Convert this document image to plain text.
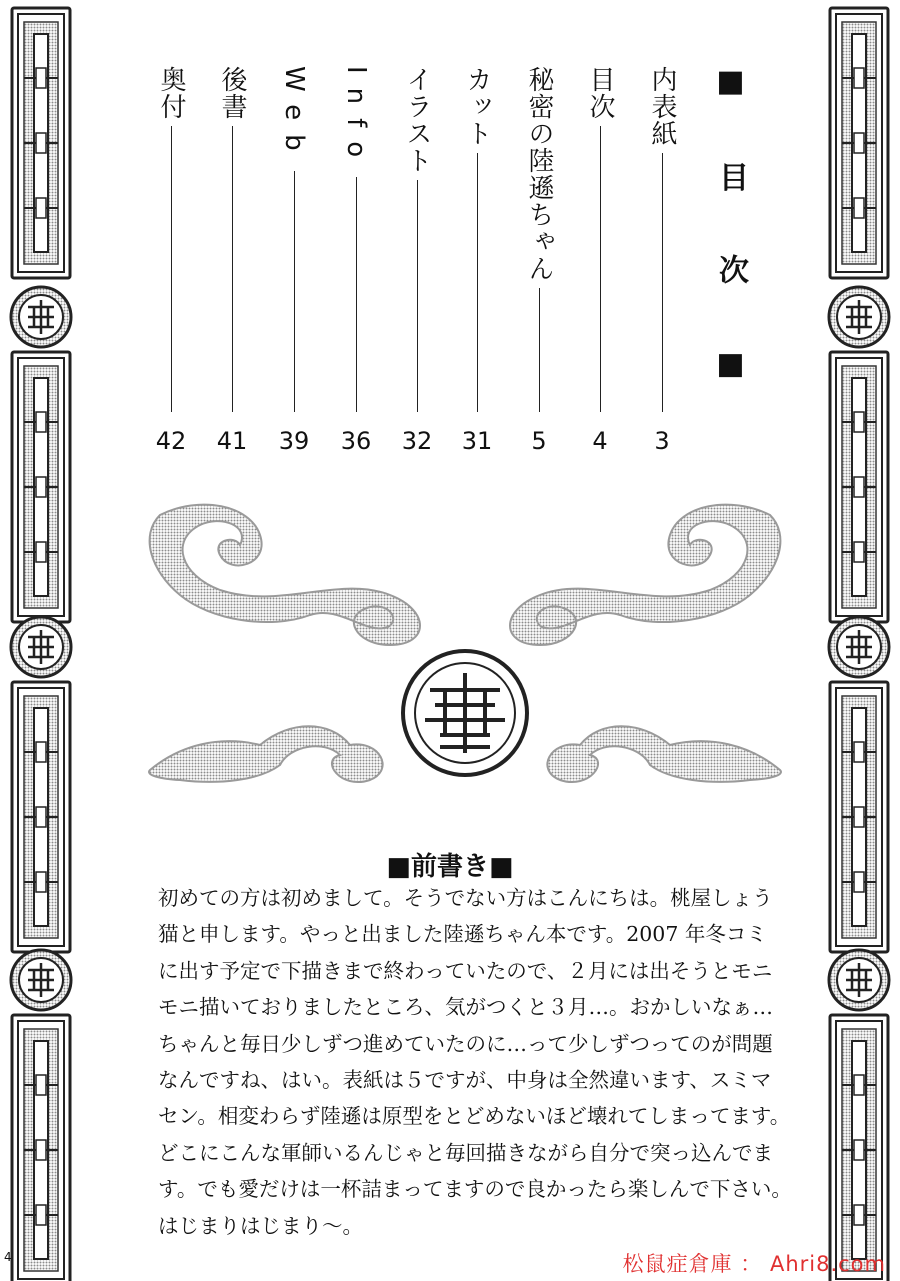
■ 目 次 ■
内表紙
3
目次
4
秘密の陸遜ちゃん
5
カット
31
イラスト
32
Info
36
Web
39
後書
41
奥付
42
■前書き■
初めての方は初めまして。そうでない方はこんにちは。桃屋しょう
猫と申します。やっと出ました陸遜ちゃん本です。2007 年冬コミ
に出す予定で下描きまで終わっていたので、２月には出そうとモニ
モニ描いておりましたところ、気がつくと３月…。おかしいなぁ…
ちゃんと毎日少しずつ進めていたのに…って少しずつってのが問題
なんですね、はい。表紙は５ですが、中身は全然違います、スミマ
セン。相変わらず陸遜は原型をとどめないほど壊れてしまってます。
どこにこんな軍師いるんじゃと毎回描きながら自分で突っ込んでま
す。でも愛だけは一杯詰まってますので良かったら楽しんで下さい。
はじまりはじまり～。
4	松鼠症倉庫 ： Ahri8.com
